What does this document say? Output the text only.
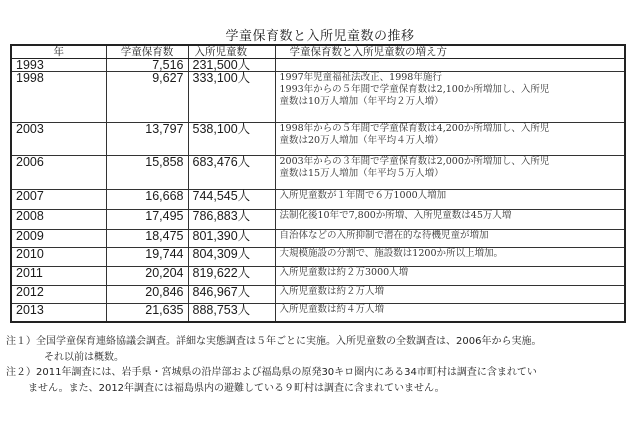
学童保育数と入所児童数の推移
年	学童保育数	入所児童数	学童保育数と入所児童数の増え方
1993	7,516	231,500人	
1998	9,627	333,100人	1997年児童福祉法改正、1998年施行
1993年からの５年間で学童保育数は2,100か所増加し、入所児
童数は10万人増加（年平均２万人増）

2003	13,797	538,100人	1998年からの５年間で学童保育数は4,200か所増加し、入所児
童数は20万人増加（年平均４万人増）

2006	15,858	683,476人	2003年からの３年間で学童保育数は2,000か所増加し、入所児
童数は15万人増加（年平均５万人増）

2007	16,668	744,545人	入所児童数が１年間で６万1000人増加

2008	17,495	786,883人	法制化後10年で7,800か所増、入所児童数は45万人増

2009	18,475	801,390人	自治体などの入所抑制で潜在的な待機児童が増加

2010	19,744	804,309人	大規模施設の分割で、施設数は1200か所以上増加。

2011	20,204	819,622人	入所児童数は約２万3000人増

2012	20,846	846,967人	入所児童数は約２万人増

2013	21,635	888,753人	入所児童数は約４万人増
注１）全国学童保育連絡協議会調査。詳細な実態調査は５年ごとに実施。入所児童数の全数調査は、2006年から実施。
それ以前は概数。
注２）2011年調査には、岩手県・宮城県の沿岸部および福島県の原発30キロ圏内にある34市町村は調査に含まれてい
ません。また、2012年調査には福島県内の避難している９町村は調査に含まれていません。
